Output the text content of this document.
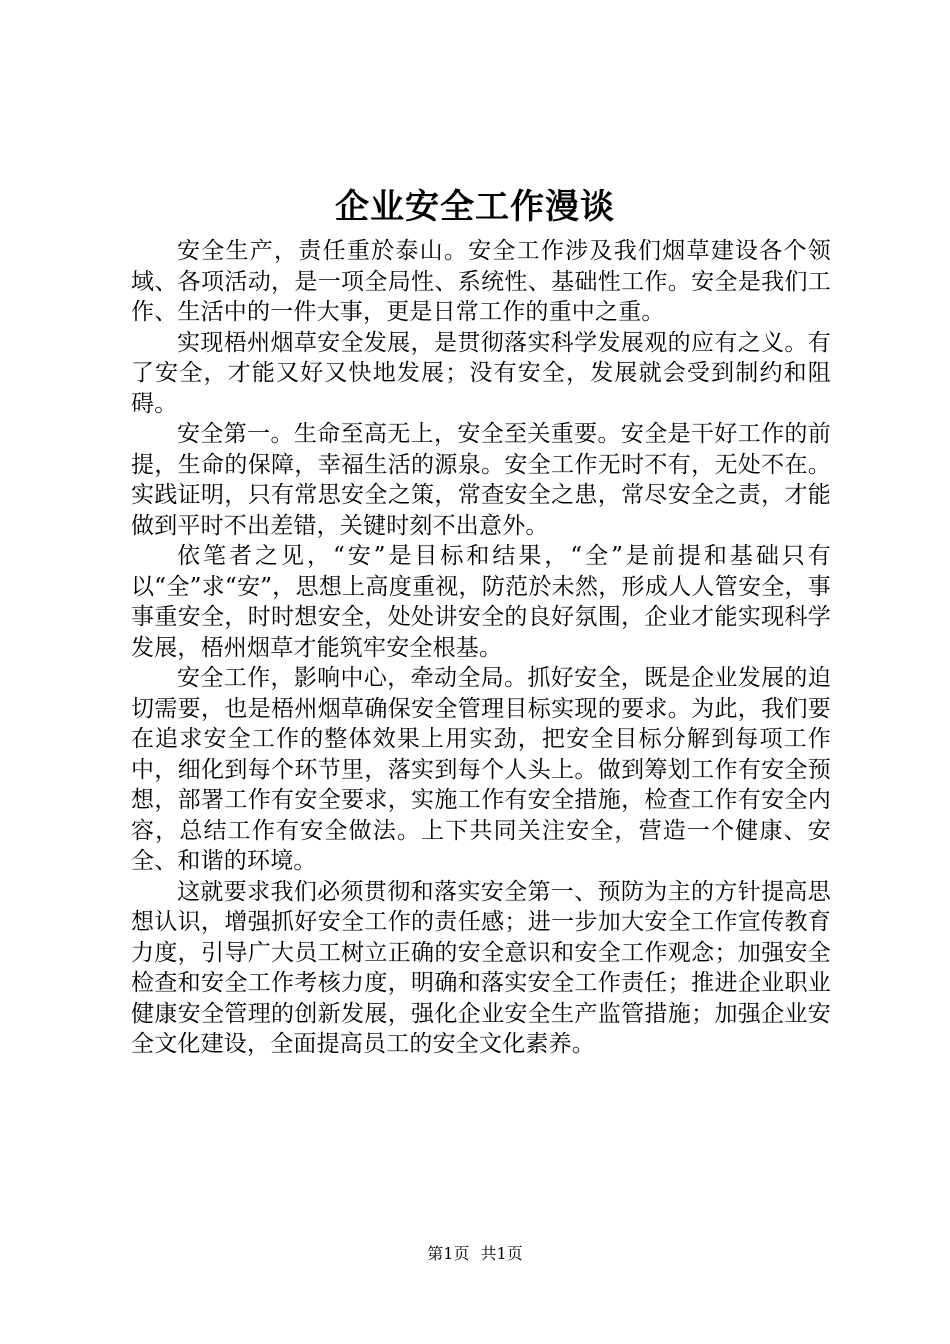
企业安全工作漫谈

安全生产，责任重於泰山。安全工作涉及我们烟草建设各个领域、各项活动，是一项全局性、系统性、基础性工作。安全是我们工作、生活中的一件大事，更是日常工作的重中之重。

实现梧州烟草安全发展，是贯彻落实科学发展观的应有之义。有了安全，才能又好又快地发展；没有安全，发展就会受到制约和阻碍。

安全第一。生命至高无上，安全至关重要。安全是干好工作的前提，生命的保障，幸福生活的源泉。安全工作无时不有，无处不在。实践证明，只有常思安全之策，常查安全之患，常尽安全之责，才能做到平时不出差错，关键时刻不出意外。

依笔者之见，“安”是目标和结果，“全”是前提和基础只有以“全”求“安”，思想上高度重视，防范於未然，形成人人管安全，事事重安全，时时想安全，处处讲安全的良好氛围，企业才能实现科学发展，梧州烟草才能筑牢安全根基。

安全工作，影响中心，牵动全局。抓好安全，既是企业发展的迫切需要，也是梧州烟草确保安全管理目标实现的要求。为此，我们要在追求安全工作的整体效果上用实劲，把安全目标分解到每项工作中，细化到每个环节里，落实到每个人头上。做到筹划工作有安全预想，部署工作有安全要求，实施工作有安全措施，检查工作有安全内容，总结工作有安全做法。上下共同关注安全，营造一个健康、安全、和谐的环境。

这就要求我们必须贯彻和落实安全第一、预防为主的方针提高思想认识，增强抓好安全工作的责任感；进一步加大安全工作宣传教育力度，引导广大员工树立正确的安全意识和安全工作观念；加强安全检查和安全工作考核力度，明确和落实安全工作责任；推进企业职业健康安全管理的创新发展，强化企业安全生产监管措施；加强企业安全文化建设，全面提高员工的安全文化素养。

第1页 共1页
